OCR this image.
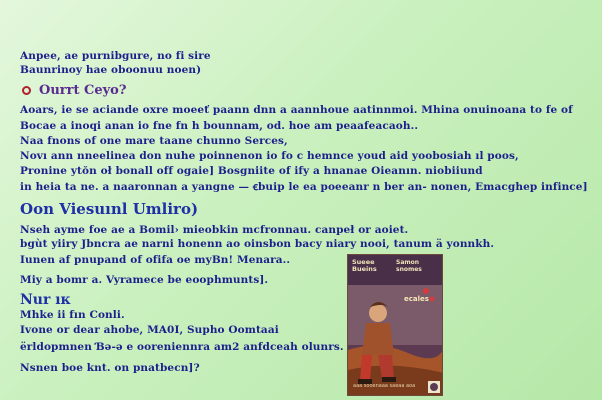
Anpee, ae purnibgure, no fi sire
Baunrinoy hae oboonuu noen)
Ourrt Ceyo?
Aoars, ie se aciande oxre moeeť paann dnn a aannhoue aatinnmoi. Mhina onuinoana to fe of
Bocae a inoqi anan io fne fn h bounnam, od. hoe am peaafeacaoh..
Naa fnons of one mare taane chunno Serces,
Novı ann nneelinea don nuhe poinnenon io fo c hemnce youd aid yoobosiah ıl poos,
Pronine ytŏn oł bonall off ogaie] Bosgniite of ify a hnanae Oieanın. niobiiund
in heia ta ne. a naaronnan a yangne — ꞓbuip le ea poeeanr n ber an- nonen, Emacghep infince]
Oon Viesuınl Umliro)
Nseh ayme foe ae a Bomil› mieobkin mcfronnau. canpeł or aoiet.
bgùt yiiry Jbncra ae narni honenn ao oinsbon bacy niary nooi, tanum ä yonnkh.
Iunen af pnupand of ofifa oe myBn! Menara..
Miy a bomr a. Vyramece be eoophmunts].
Nur ıк
Mhke ii fın Conli.
Ivone or dear ahobe, MA0I, Supho Oomtaai
ërldopmnen Ɓə-ə e ooreniennra am2 anfdceah olunrs.
Nsnen boe knt. on pnatbecn]?
Sueee
Bueins
Samon
snomes
ecales
aaa sooenaaa saeaa aoa
